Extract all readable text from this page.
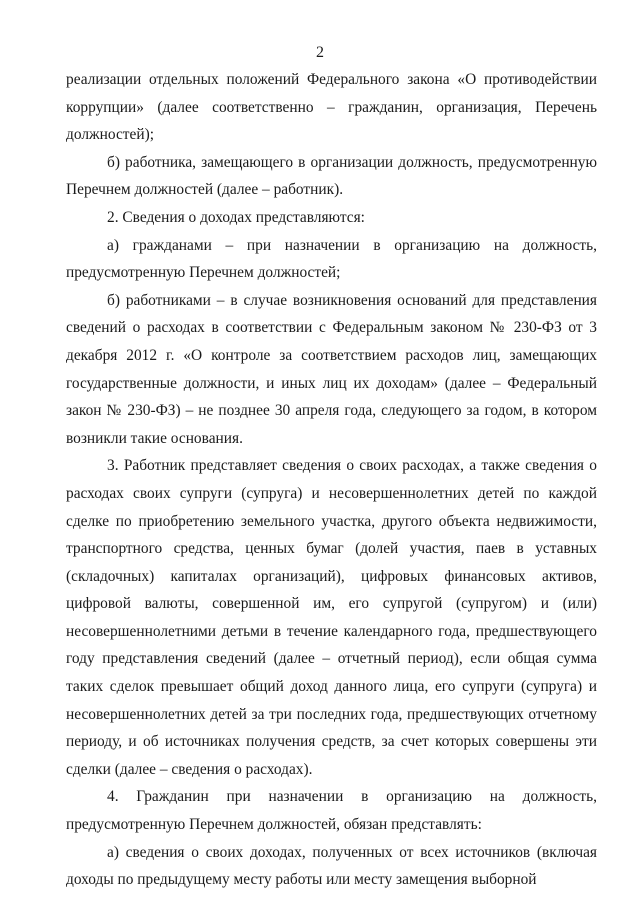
2

реализации отдельных положений Федерального закона «О противодействии коррупции» (далее соответственно – гражданин, организация, Перечень должностей);

б) работника, замещающего в организации должность, предусмотренную Перечнем должностей (далее – работник).

2. Сведения о доходах представляются:

а) гражданами – при назначении в организацию на должность, предусмотренную Перечнем должностей;

б) работниками – в случае возникновения оснований для представления сведений о расходах в соответствии с Федеральным законом № 230-ФЗ от 3 декабря 2012 г. «О контроле за соответствием расходов лиц, замещающих государственные должности, и иных лиц их доходам» (далее – Федеральный закон № 230-ФЗ) – не позднее 30 апреля года, следующего за годом, в котором возникли такие основания.

3. Работник представляет сведения о своих расходах, а также сведения о расходах своих супруги (супруга) и несовершеннолетних детей по каждой сделке по приобретению земельного участка, другого объекта недвижимости, транспортного средства, ценных бумаг (долей участия, паев в уставных (складочных) капиталах организаций), цифровых финансовых активов, цифровой валюты, совершенной им, его супругой (супругом) и (или) несовершеннолетними детьми в течение календарного года, предшествующего году представления сведений (далее – отчетный период), если общая сумма таких сделок превышает общий доход данного лица, его супруги (супруга) и несовершеннолетних детей за три последних года, предшествующих отчетному периоду, и об источниках получения средств, за счет которых совершены эти сделки (далее – сведения о расходах).

4. Гражданин при назначении в организацию на должность, предусмотренную Перечнем должностей, обязан представлять:

а) сведения о своих доходах, полученных от всех источников (включая доходы по предыдущему месту работы или месту замещения выборной
